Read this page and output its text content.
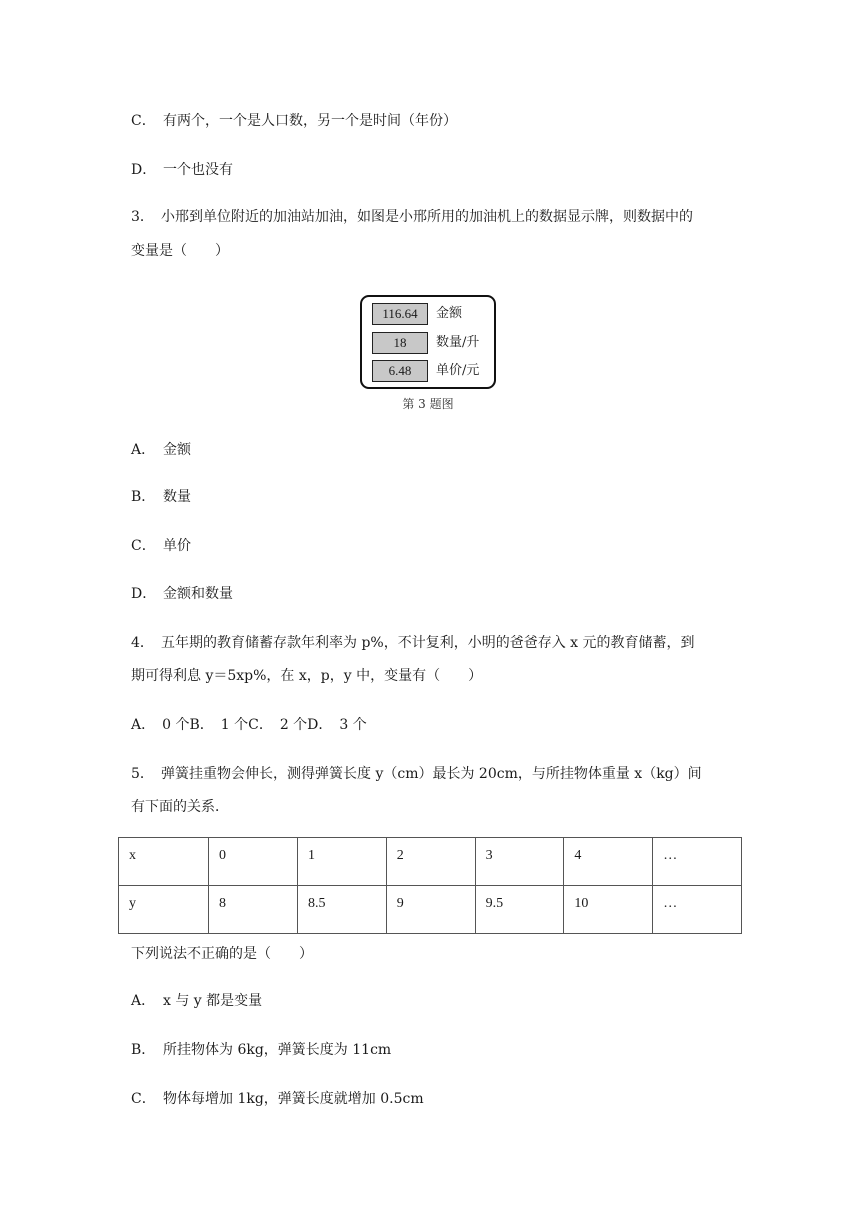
C． 有两个，一个是人口数，另一个是时间（年份）
D． 一个也没有
3． 小邢到单位附近的加油站加油，如图是小邢所用的加油机上的数据显示牌，则数据中的
变量是（　　）
116.64	金额
18	数量/升
6.48	单价/元
第 3 题图
A． 金额
B． 数量
C． 单价
D． 金额和数量
4． 五年期的教育储蓄存款年利率为 p%，不计复利，小明的爸爸存入 x 元的教育储蓄，到
期可得利息 y＝5xp%，在 x，p，y 中，变量有（　　）
A．　0 个B．　1 个C．　2 个D．　3 个
5． 弹簧挂重物会伸长，测得弹簧长度 y（cm）最长为 20cm，与所挂物体重量 x（kg）间
有下面的关系．
x	0	1	2	3	4	…
y	8	8.5	9	9.5	10	…
下列说法不正确的是（　　）
A． x 与 y 都是变量
B． 所挂物体为 6kg，弹簧长度为 11cm
C． 物体每增加 1kg，弹簧长度就增加 0.5cm
